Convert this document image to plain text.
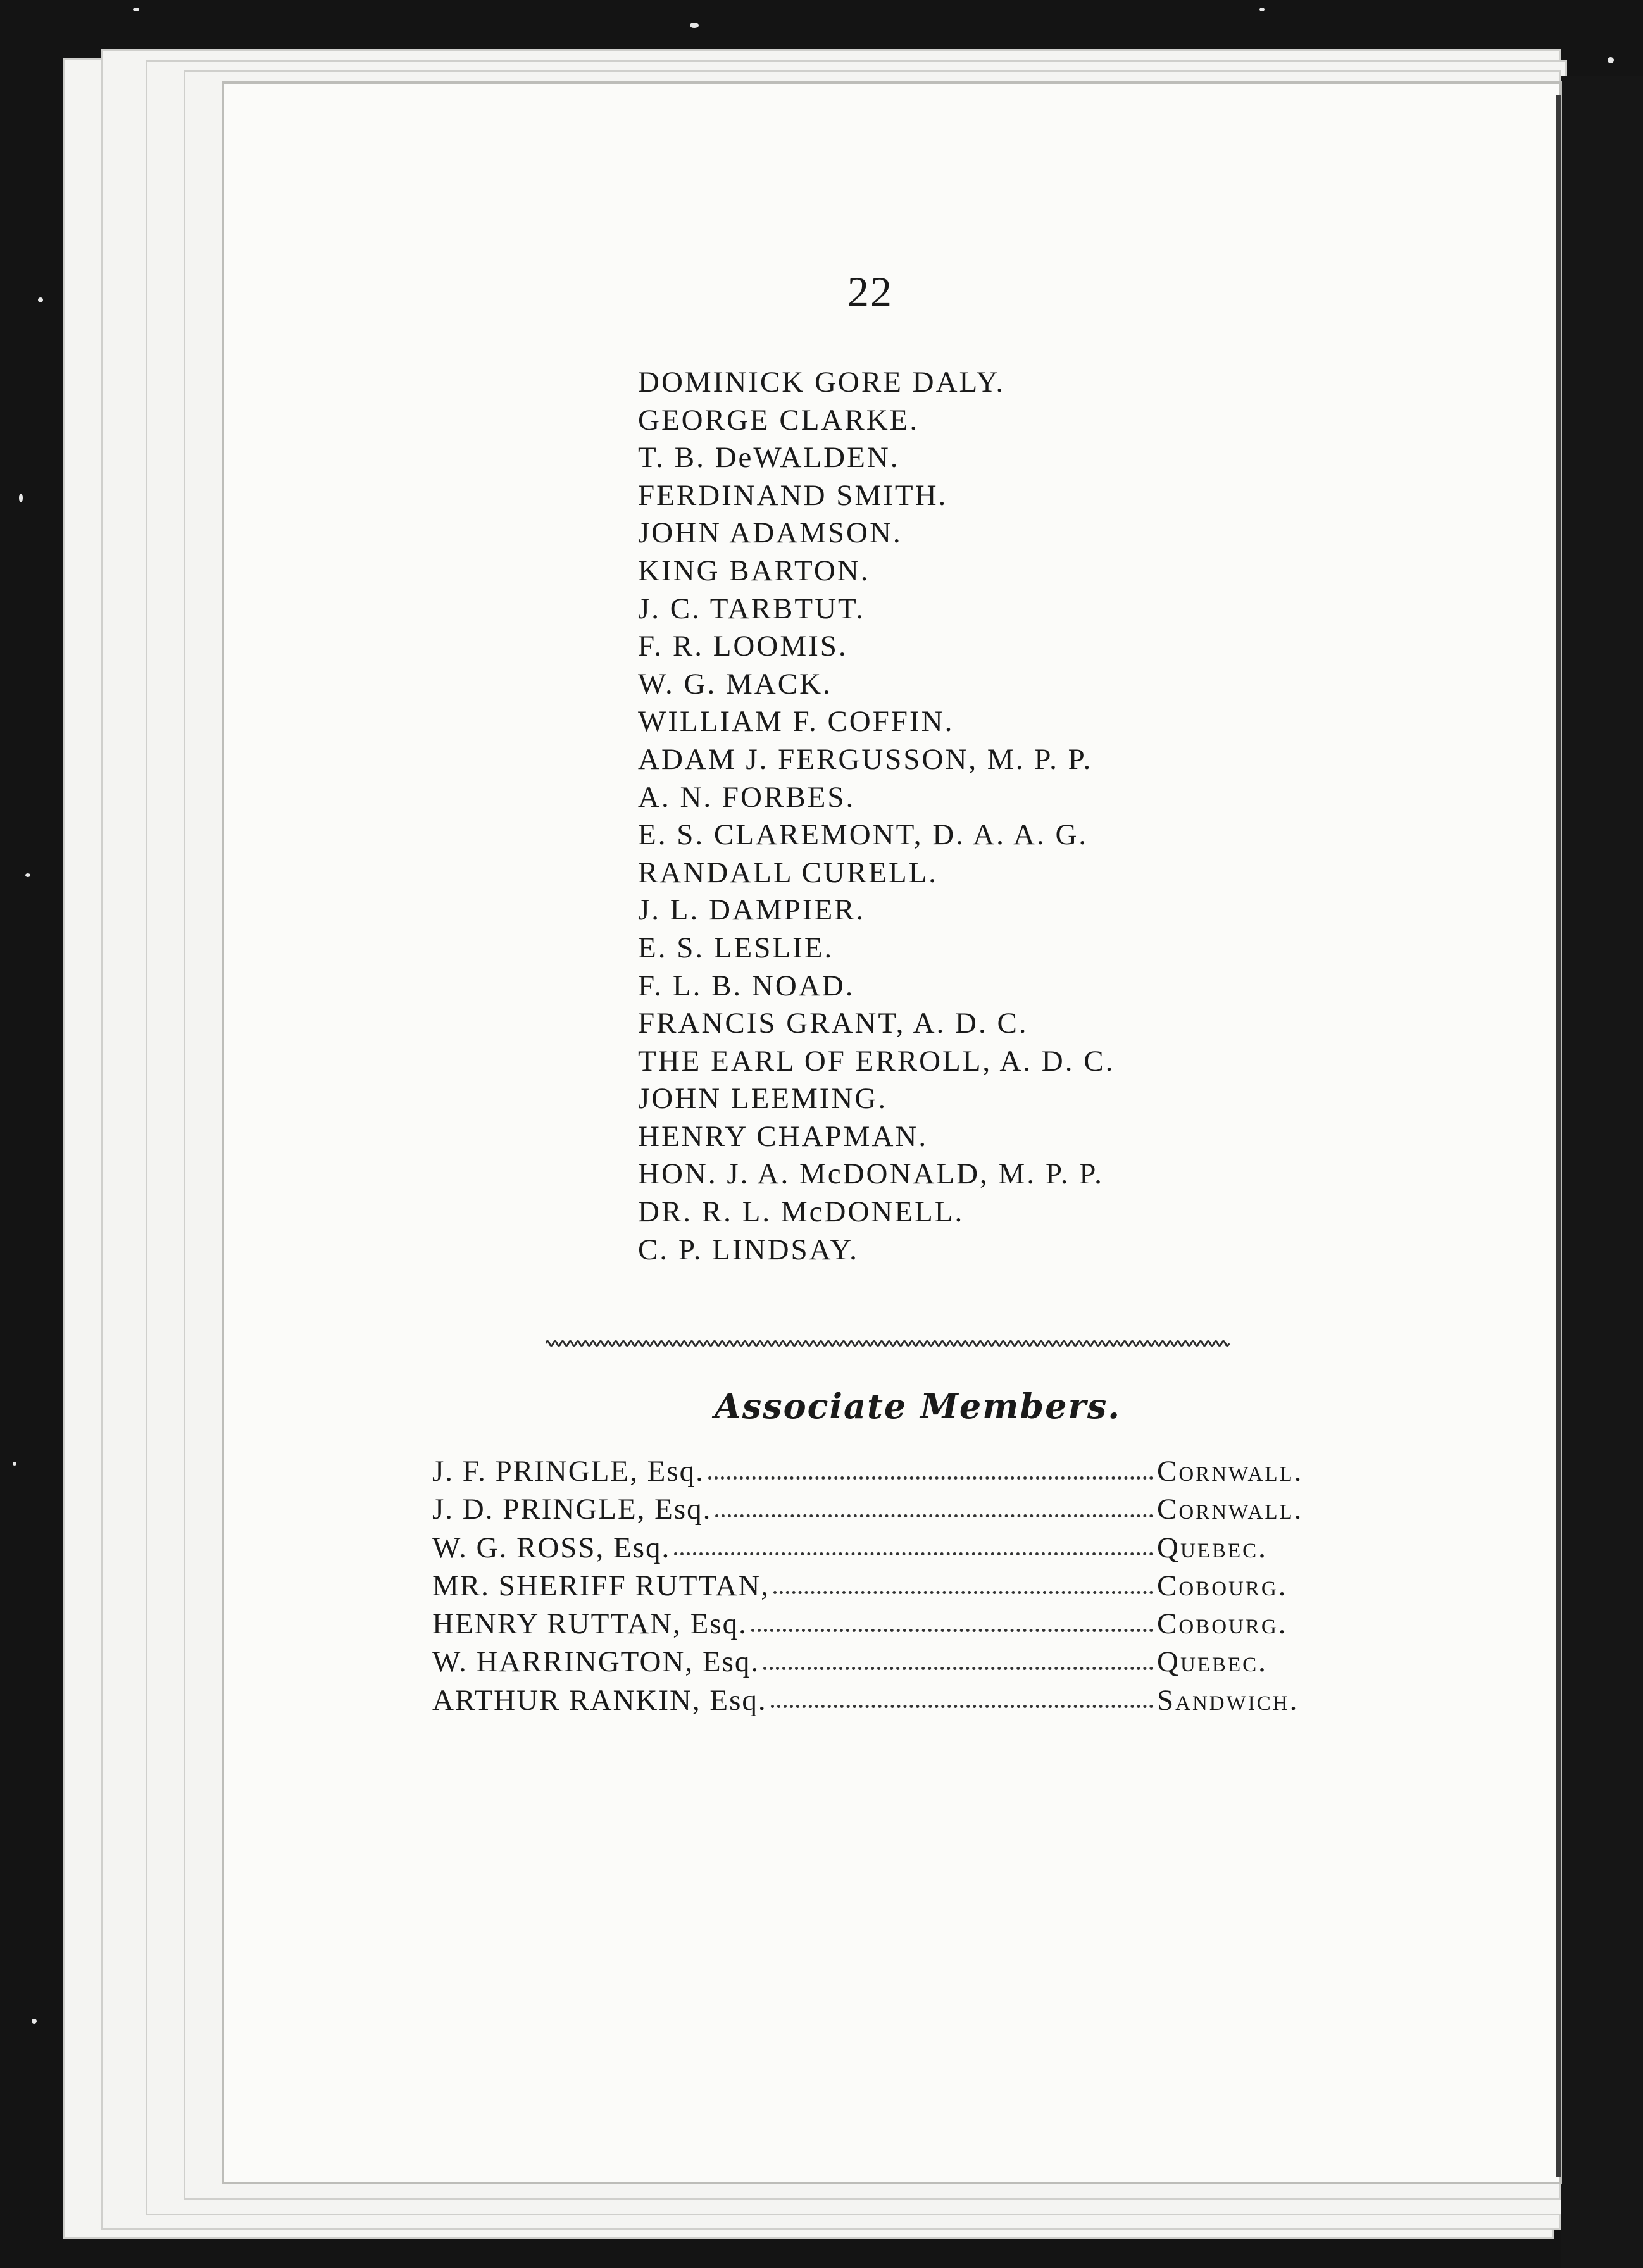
22
DOMINICK GORE DALY.
GEORGE CLARKE.
T. B. DeWALDEN.
FERDINAND SMITH.
JOHN ADAMSON.
KING BARTON.
J. C. TARBTUT.
F. R. LOOMIS.
W. G. MACK.
WILLIAM F. COFFIN.
ADAM J. FERGUSSON, M. P. P.
A. N. FORBES.
E. S. CLAREMONT, D. A. A. G.
RANDALL CURELL.
J. L. DAMPIER.
E. S. LESLIE.
F. L. B. NOAD.
FRANCIS GRANT, A. D. C.
THE EARL OF ERROLL, A. D. C.
JOHN LEEMING.
HENRY CHAPMAN.
HON. J. A. McDONALD, M. P. P.
DR. R. L. McDONELL.
C. P. LINDSAY.
Associate Members.
J. F. PRINGLE, Esq.	Cornwall.
J. D. PRINGLE, Esq.	Cornwall.
W. G. ROSS, Esq.	Quebec.
MR. SHERIFF RUTTAN,	Cobourg.
HENRY RUTTAN, Esq.	Cobourg.
W. HARRINGTON, Esq.	Quebec.
ARTHUR RANKIN, Esq.	Sandwich.
